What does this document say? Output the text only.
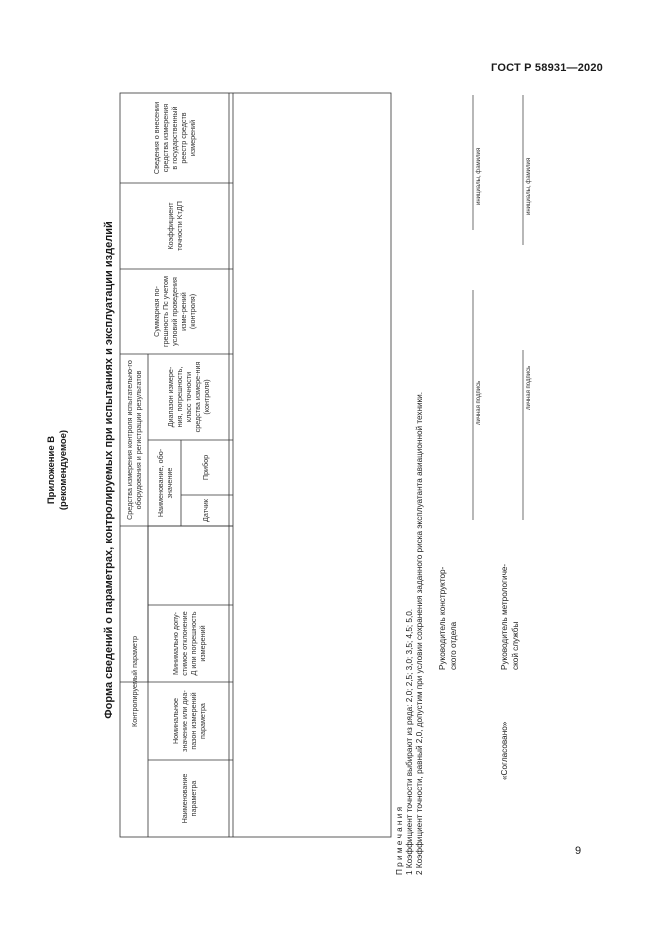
ГОСТ Р 58931—2020
9
Приложение В (рекомендуемое)	Форма сведений о параметрах, контролируемых при испытаниях и эксплуатации изделий	Контролируемый параметр
Средства измерения контроля испытательно-го оборудования и регистрации результатов
Наименование параметра
Номинальное значение или диа-пазон измерений параметра
Минимально допу-стимое отклонение Д или погрешность измерений
Наименование, обо-значение
Датчик
Прибор
Диапазон измере-ния, погрешность, класс точности средства измере-ния (контроля)
Суммарная по-грешность Пс учетом условий проведения изме-рений (контроля)
Коэффициент точности KтДП
Сведения о внесении средства измерения в государственный реестр средств измерений
П р и м е ч а н и я 1 Коэффициент точности выбирают из ряда: 2,0; 2,5; 3,0; 3,5; 4,5; 5,0. 2 Коэффициент точности, равный 2,0, допустим при условии сохранения заданного риска эксплуатанта авиационной техники. Руководитель конструктор-ского отдела
«Согласовано»
Руководитель метрологиче-ской службы
личная подпись
инициалы, фамилия
личная подпись
инициалы, фамилия
